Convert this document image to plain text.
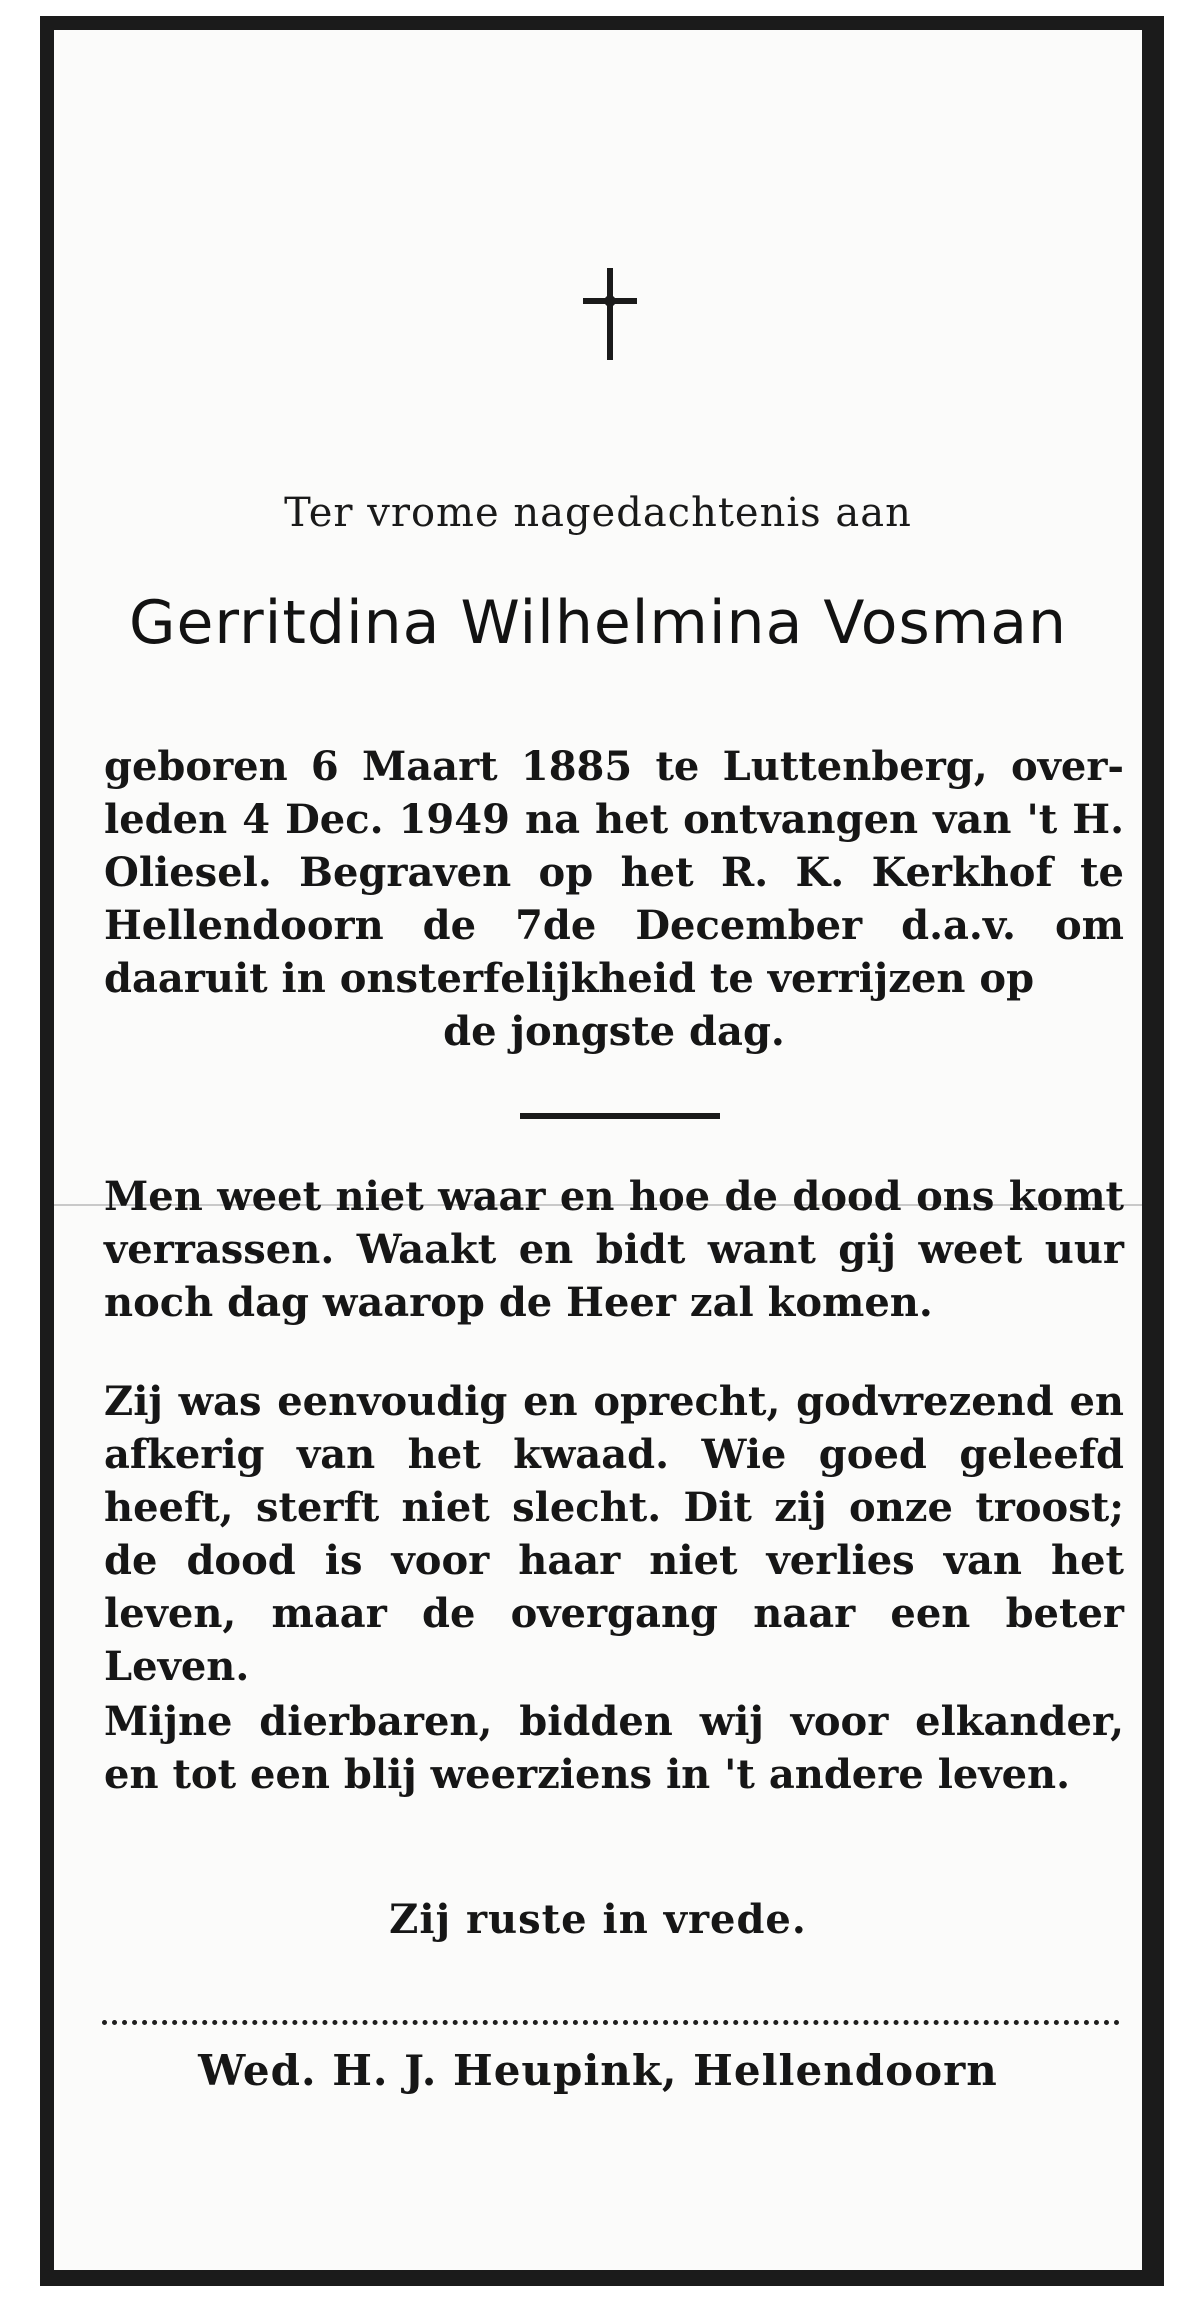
Ter vrome nagedachtenis aan
Gerritdina Wilhelmina Vosman

geboren 6 Maart 1885 te Luttenberg, over- leden 4 Dec. 1949 na het ontvangen van 't H. Oliesel. Begraven op het R. K. Kerkhof te Hellendoorn de 7de December d.a.v. om daaruit in onsterfelijkheid te verrijzen op
de jongste dag.

Men weet niet waar en hoe de dood ons komt verrassen. Waakt en bidt want gij weet uur noch dag waarop de Heer zal komen.

Zij was eenvoudig en oprecht, godvrezend en afkerig van het kwaad. Wie goed geleefd heeft, sterft niet slecht. Dit zij onze troost; de dood is voor haar niet verlies van het leven, maar de overgang naar een beter Leven.

Mijne dierbaren, bidden wij voor elkander, en tot een blij weerziens in 't andere leven.

Zij ruste in vrede.
Wed. H. J. Heupink, Hellendoorn
